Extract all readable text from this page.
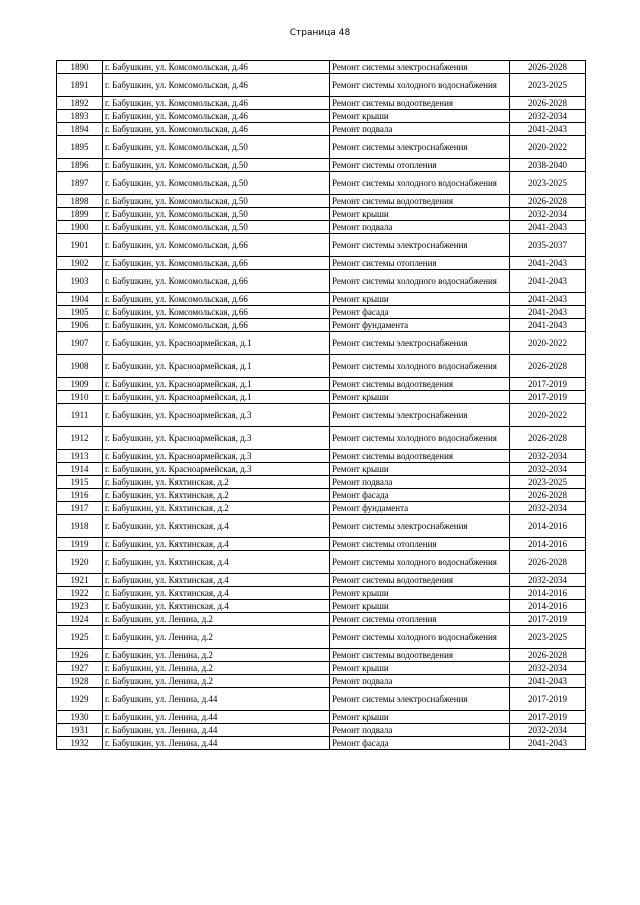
Страница 48
1890	г. Бабушкин, ул. Комсомольская, д.46	Ремонт системы электроснабжения	2026-2028
1891	г. Бабушкин, ул. Комсомольская, д.46	Ремонт системы холодного водоснабжения	2023-2025
1892	г. Бабушкин, ул. Комсомольская, д.46	Ремонт системы водоотведения	2026-2028
1893	г. Бабушкин, ул. Комсомольская, д.46	Ремонт крыши	2032-2034
1894	г. Бабушкин, ул. Комсомольская, д.46	Ремонт подвала	2041-2043
1895	г. Бабушкин, ул. Комсомольская, д.50	Ремонт системы электроснабжения	2020-2022
1896	г. Бабушкин, ул. Комсомольская, д.50	Ремонт системы отопления	2038-2040
1897	г. Бабушкин, ул. Комсомольская, д.50	Ремонт системы холодного водоснабжения	2023-2025
1898	г. Бабушкин, ул. Комсомольская, д.50	Ремонт системы водоотведения	2026-2028
1899	г. Бабушкин, ул. Комсомольская, д.50	Ремонт крыши	2032-2034
1900	г. Бабушкин, ул. Комсомольская, д.50	Ремонт подвала	2041-2043
1901	г. Бабушкин, ул. Комсомольская, д.66	Ремонт системы электроснабжения	2035-2037
1902	г. Бабушкин, ул. Комсомольская, д.66	Ремонт системы отопления	2041-2043
1903	г. Бабушкин, ул. Комсомольская, д.66	Ремонт системы холодного водоснабжения	2041-2043
1904	г. Бабушкин, ул. Комсомольская, д.66	Ремонт крыши	2041-2043
1905	г. Бабушкин, ул. Комсомольская, д.66	Ремонт фасада	2041-2043
1906	г. Бабушкин, ул. Комсомольская, д.66	Ремонт фундамента	2041-2043
1907	г. Бабушкин, ул. Красноармейская, д.1	Ремонт системы электроснабжения	2020-2022
1908	г. Бабушкин, ул. Красноармейская, д.1	Ремонт системы холодного водоснабжения	2026-2028
1909	г. Бабушкин, ул. Красноармейская, д.1	Ремонт системы водоотведения	2017-2019
1910	г. Бабушкин, ул. Красноармейская, д.1	Ремонт крыши	2017-2019
1911	г. Бабушкин, ул. Красноармейская, д.3	Ремонт системы электроснабжения	2020-2022
1912	г. Бабушкин, ул. Красноармейская, д.3	Ремонт системы холодного водоснабжения	2026-2028
1913	г. Бабушкин, ул. Красноармейская, д.3	Ремонт системы водоотведения	2032-2034
1914	г. Бабушкин, ул. Красноармейская, д.3	Ремонт крыши	2032-2034
1915	г. Бабушкин, ул. Кяхтинская, д.2	Ремонт подвала	2023-2025
1916	г. Бабушкин, ул. Кяхтинская, д.2	Ремонт фасада	2026-2028
1917	г. Бабушкин, ул. Кяхтинская, д.2	Ремонт фундамента	2032-2034
1918	г. Бабушкин, ул. Кяхтинская, д.4	Ремонт системы электроснабжения	2014-2016
1919	г. Бабушкин, ул. Кяхтинская, д.4	Ремонт системы отопления	2014-2016
1920	г. Бабушкин, ул. Кяхтинская, д.4	Ремонт системы холодного водоснабжения	2026-2028
1921	г. Бабушкин, ул. Кяхтинская, д.4	Ремонт системы водоотведения	2032-2034
1922	г. Бабушкин, ул. Кяхтинская, д.4	Ремонт крыши	2014-2016
1923	г. Бабушкин, ул. Кяхтинская, д.4	Ремонт крыши	2014-2016
1924	г. Бабушкин, ул. Ленина, д.2	Ремонт системы отопления	2017-2019
1925	г. Бабушкин, ул. Ленина, д.2	Ремонт системы холодного водоснабжения	2023-2025
1926	г. Бабушкин, ул. Ленина, д.2	Ремонт системы водоотведения	2026-2028
1927	г. Бабушкин, ул. Ленина, д.2	Ремонт крыши	2032-2034
1928	г. Бабушкин, ул. Ленина, д.2	Ремонт подвала	2041-2043
1929	г. Бабушкин, ул. Ленина, д.44	Ремонт системы электроснабжения	2017-2019
1930	г. Бабушкин, ул. Ленина, д.44	Ремонт крыши	2017-2019
1931	г. Бабушкин, ул. Ленина, д.44	Ремонт подвала	2032-2034
1932	г. Бабушкин, ул. Ленина, д.44	Ремонт фасада	2041-2043
